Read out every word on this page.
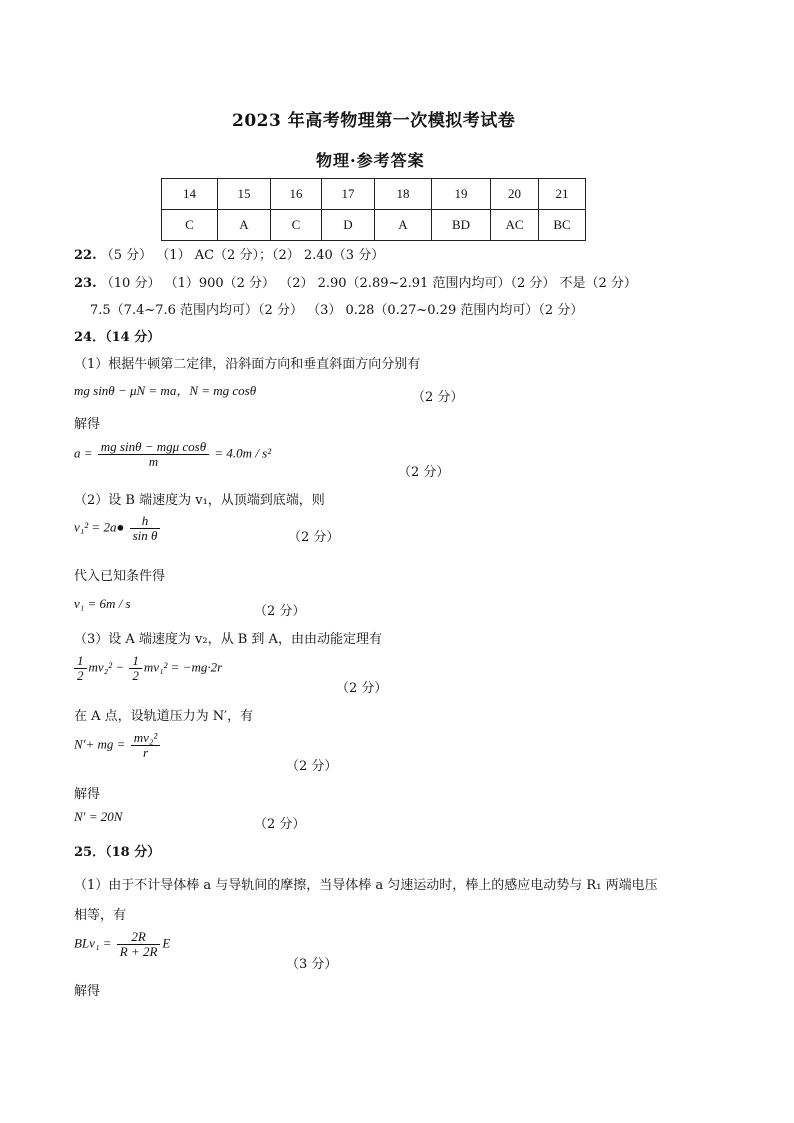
2023 年高考物理第一次模拟考试卷
物理·参考答案
14	15	16	17	18	19	20	21
C	A	C	D	A	BD	AC	BC
22. （5 分） （1） AC（2 分）；（2） 2.40（3 分）
23. （10 分） （1）900（2 分） （2） 2.90（2.89~2.91 范围内均可）（2 分） 不是（2 分）
7.5（7.4~7.6 范围内均可）（2 分） （3） 0.28（0.27~0.29 范围内均可）（2 分）
24．（14 分）
（1）根据牛顿第二定律，沿斜面方向和垂直斜面方向分别有
mg sinθ − μN = ma，N = mg cosθ	（2 分）
解得
$a = \frac{\text{mg sinθ − mgμ cosθ}}{m} = 4.0m / s^2$
（2 分）
（2）设 B 端速度为 v₁，从顶端到底端，则
v₁² = 2a● $\frac{h}{\text{sin θ}}$	（2 分）
代入已知条件得
v₁ = 6m / s
（2 分）
（3）设 A 端速度为 v₂，从 B 到 A，由由动能定理有
$\frac{1}{2} mv_2^2 - \frac{1}{2} mv_1^2 = -mg\cdot 2r$
（2 分）
在 A 点，设轨道压力为 N′，有
N′+ mg = $\frac{\text{mv₂²}}{r}$
（2 分）
解得
N′ = 20N
（2 分）
25．（18 分）
（1）由于不计导体棒 a 与导轨间的摩擦，当导体棒 a 匀速运动时，棒上的感应电动势与 R₁ 两端电压
相等，有
$BLv_1 = \frac{2R}{R + 2R}$ E
（3 分）
解得
